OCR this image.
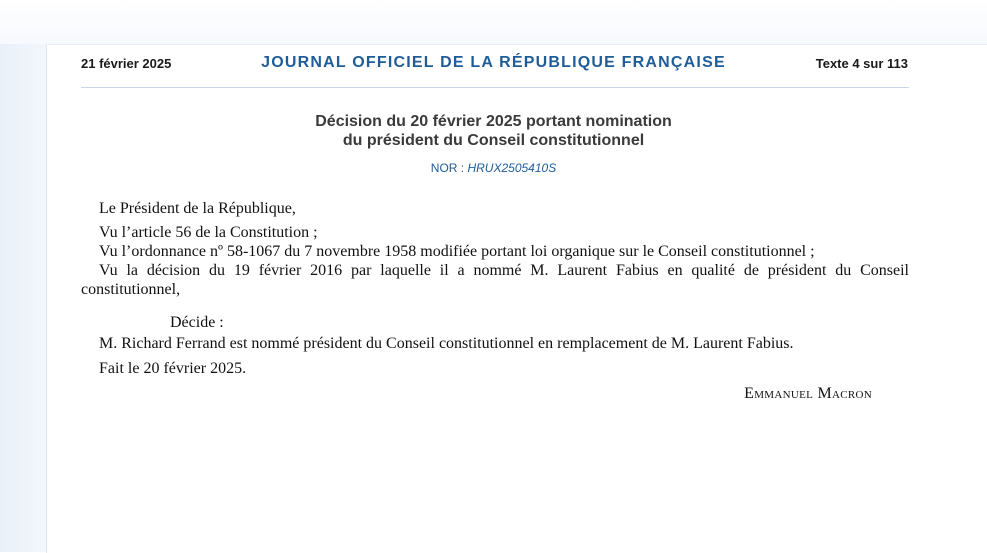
21 février 2025	JOURNAL OFFICIEL DE LA RÉPUBLIQUE FRANÇAISE	Texte 4 sur 113
Décision du 20 février 2025 portant nomination
du président du Conseil constitutionnel
NOR : HRUX2505410S

Le Président de la République,

Vu l’article 56 de la Constitution ;

Vu l’ordonnance nº 58-1067 du 7 novembre 1958 modifiée portant loi organique sur le Conseil constitutionnel ;

Vu la décision du 19 février 2016 par laquelle il a nommé M. Laurent Fabius en qualité de président du Conseil constitutionnel,

Décide :

M. Richard Ferrand est nommé président du Conseil constitutionnel en remplacement de M. Laurent Fabius.

Fait le 20 février 2025.

Emmanuel Macron
